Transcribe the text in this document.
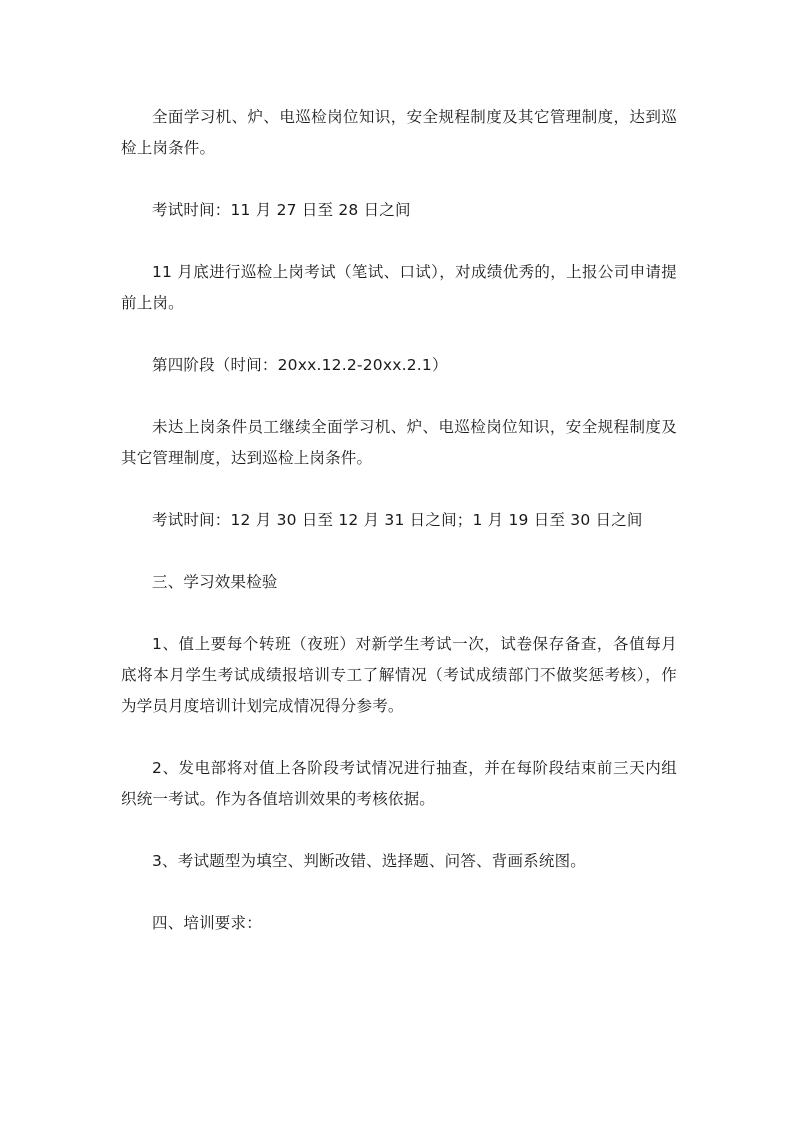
全面学习机、炉、电巡检岗位知识，安全规程制度及其它管理制度，达到巡检上岗条件。

考试时间：11 月 27 日至 28 日之间

11 月底进行巡检上岗考试（笔试、口试），对成绩优秀的，上报公司申请提前上岗。

第四阶段（时间：20xx.12.2-20xx.2.1）

未达上岗条件员工继续全面学习机、炉、电巡检岗位知识，安全规程制度及其它管理制度，达到巡检上岗条件。

考试时间：12 月 30 日至 12 月 31 日之间；1 月 19 日至 30 日之间

三、学习效果检验

1、值上要每个转班（夜班）对新学生考试一次，试卷保存备查，各值每月底将本月学生考试成绩报培训专工了解情况（考试成绩部门不做奖惩考核），作为学员月度培训计划完成情况得分参考。

2、发电部将对值上各阶段考试情况进行抽查，并在每阶段结束前三天内组织统一考试。作为各值培训效果的考核依据。

3、考试题型为填空、判断改错、选择题、问答、背画系统图。

四、培训要求：
